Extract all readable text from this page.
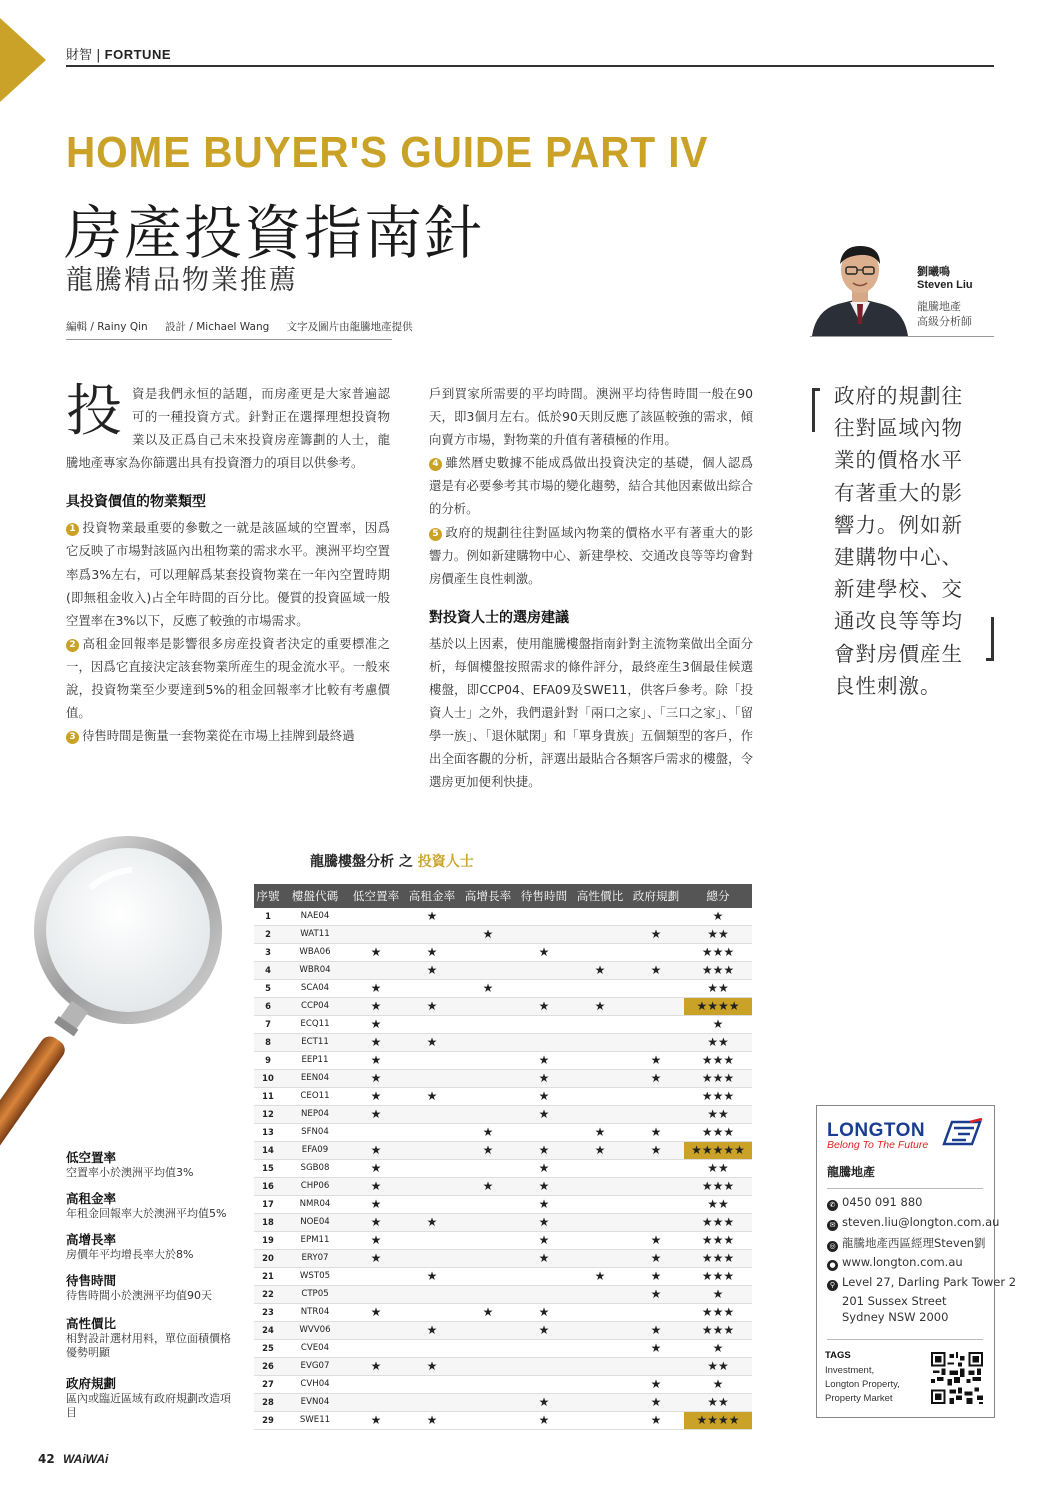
財智 | FORTUNE
HOME BUYER'S GUIDE PART IV
房產投資指南針
龍騰精品物業推薦
編輯 / Rainy Qin 設計 / Michael Wang 文字及圖片由龍騰地產提供
劉曦鳴
Steven Liu
龍騰地產
高級分析師
投 資是我們永恒的話題，而房產更是大家普遍認可的一種投資方式。針對正在選擇理想投資物業以及正爲自己未來投資房産籌劃的人士，龍騰地產專家為你篩選出具有投資潛力的項目以供參考。

具投資價值的物業類型

1 投資物業最重要的參數之一就是該區域的空置率，因爲它反映了市場對該區內出租物業的需求水平。澳洲平均空置率爲3%左右，可以理解爲某套投資物業在一年內空置時期(即無租金收入)占全年時間的百分比。優質的投資區域一般空置率在3%以下，反應了較強的市場需求。

2 高租金回報率是影響很多房産投資者決定的重要標准之一，因爲它直接決定該套物業所産生的現金流水平。一般來說，投資物業至少要達到5%的租金回報率才比較有考慮價值。

3 待售時間是衡量一套物業從在市場上挂牌到最終過

戶到買家所需要的平均時間。澳洲平均待售時間一般在90天，即3個月左右。低於90天則反應了該區較強的需求，傾向賣方市場，對物業的升值有著積極的作用。

4 雖然曆史數據不能成爲做出投資決定的基礎，個人認爲還是有必要參考其市場的變化趨勢，結合其他因素做出綜合的分析。

5 政府的規劃往往對區域內物業的價格水平有著重大的影響力。例如新建購物中心、新建學校、交通改良等等均會對房價產生良性刺激。

對投資人士的選房建議

基於以上因素，使用龍騰樓盤指南針對主流物業做出全面分析，每個樓盤按照需求的條件評分，最終産生3個最佳候選樓盤，即CCP04、EFA09及SWE11，供客戶參考。除「投資人士」之外，我們還針對「兩口之家」、「三口之家」、「留學一族」、「退休賦閑」和「單身貴族」五個類型的客戶，作出全面客觀的分析，評選出最貼合各類客戶需求的樓盤，令選房更加便利快捷。

政府的規劃往往對區域內物業的價格水平有著重大的影響力。例如新建購物中心、新建學校、交通改良等等均會對房價産生良性刺激。
低空置率
空置率小於澳洲平均值3%
高租金率
年租金回報率大於澳洲平均值5%
高增長率
房價年平均增長率大於8%
待售時間
待售時間小於澳洲平均值90天
高性價比
相對設計選材用料，單位面積價格優勢明顯
政府規劃
區內或臨近區域有政府規劃改造項目
龍騰樓盤分析 之 投資人士
序號	樓盤代碼	低空置率	高租金率	高增長率	待售時間	高性價比	政府規劃	總分
1	NAE04		★					★
2	WAT11			★			★	★★
3	WBA06	★	★		★			★★★
4	WBR04		★			★	★	★★★
5	SCA04	★		★				★★
6	CCP04	★	★		★	★		★★★★
7	ECQ11	★						★
8	ECT11	★	★					★★
9	EEP11	★			★		★	★★★
10	EEN04	★			★		★	★★★
11	CEO11	★	★		★			★★★
12	NEP04	★			★			★★
13	SFN04			★		★	★	★★★
14	EFA09	★		★	★	★	★	★★★★★
15	SGB08	★			★			★★
16	CHP06	★		★	★			★★★
17	NMR04	★			★			★★
18	NOE04	★	★		★			★★★
19	EPM11	★			★		★	★★★
20	ERY07	★			★		★	★★★
21	WST05		★			★	★	★★★
22	CTP05						★	★
23	NTR04	★		★	★			★★★
24	WVV06		★		★		★	★★★
25	CVE04						★	★
26	EVG07	★	★					★★
27	CVH04						★	★
28	EVN04				★		★	★★
29	SWE11	★	★		★		★	★★★★
LONGTON
Belong To The Future
龍騰地產
✆ 0450 091 880
✉ steven.liu@longton.com.au
◎ 龍騰地產西區經理Steven劉
● www.longton.com.au
⚲ Level 27, Darling Park Tower 2
201 Sussex Street
Sydney NSW 2000
TAGS
Investment,
Longton Property,
Property Market
42 WAiWAi
